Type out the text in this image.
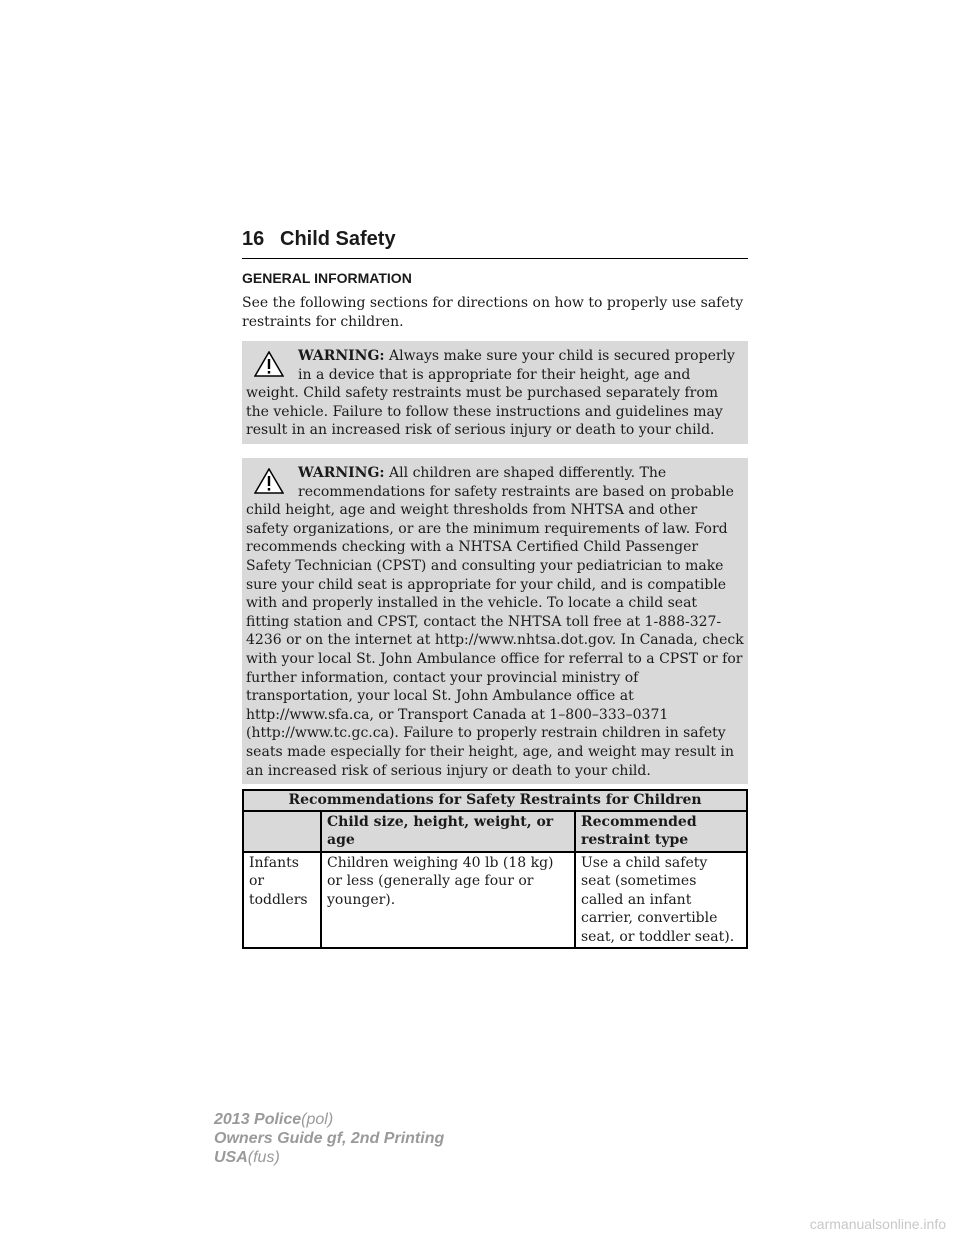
16 Child Safety
GENERAL INFORMATION
See the following sections for directions on how to properly use safety restraints for children.
WARNING: Always make sure your child is secured properly in a device that is appropriate for their height, age and weight. Child safety restraints must be purchased separately from the vehicle. Failure to follow these instructions and guidelines may result in an increased risk of serious injury or death to your child.
WARNING: All children are shaped differently. The recommendations for safety restraints are based on probable child height, age and weight thresholds from NHTSA and other safety organizations, or are the minimum requirements of law. Ford recommends checking with a NHTSA Certified Child Passenger Safety Technician (CPST) and consulting your pediatrician to make sure your child seat is appropriate for your child, and is compatible with and properly installed in the vehicle. To locate a child seat fitting station and CPST, contact the NHTSA toll free at 1-888-327-4236 or on the internet at http://www.nhtsa.dot.gov. In Canada, check with your local St. John Ambulance office for referral to a CPST or for further information, contact your provincial ministry of transportation, your local St. John Ambulance office at http://www.sfa.ca, or Transport Canada at 1–800–333–0371 (http://www.tc.gc.ca). Failure to properly restrain children in safety seats made especially for their height, age, and weight may result in an increased risk of serious injury or death to your child.
Recommendations for Safety Restraints for Children		
	Child size, height, weight, or age	Recommended restraint type
Infants or toddlers	Children weighing 40 lb (18 kg) or less (generally age four or younger).	Use a child safety seat (sometimes called an infant carrier, convertible seat, or toddler seat).
2013 Police(pol)
Owners Guide gf, 2nd Printing
USA(fus)
carmanualsonline.info
